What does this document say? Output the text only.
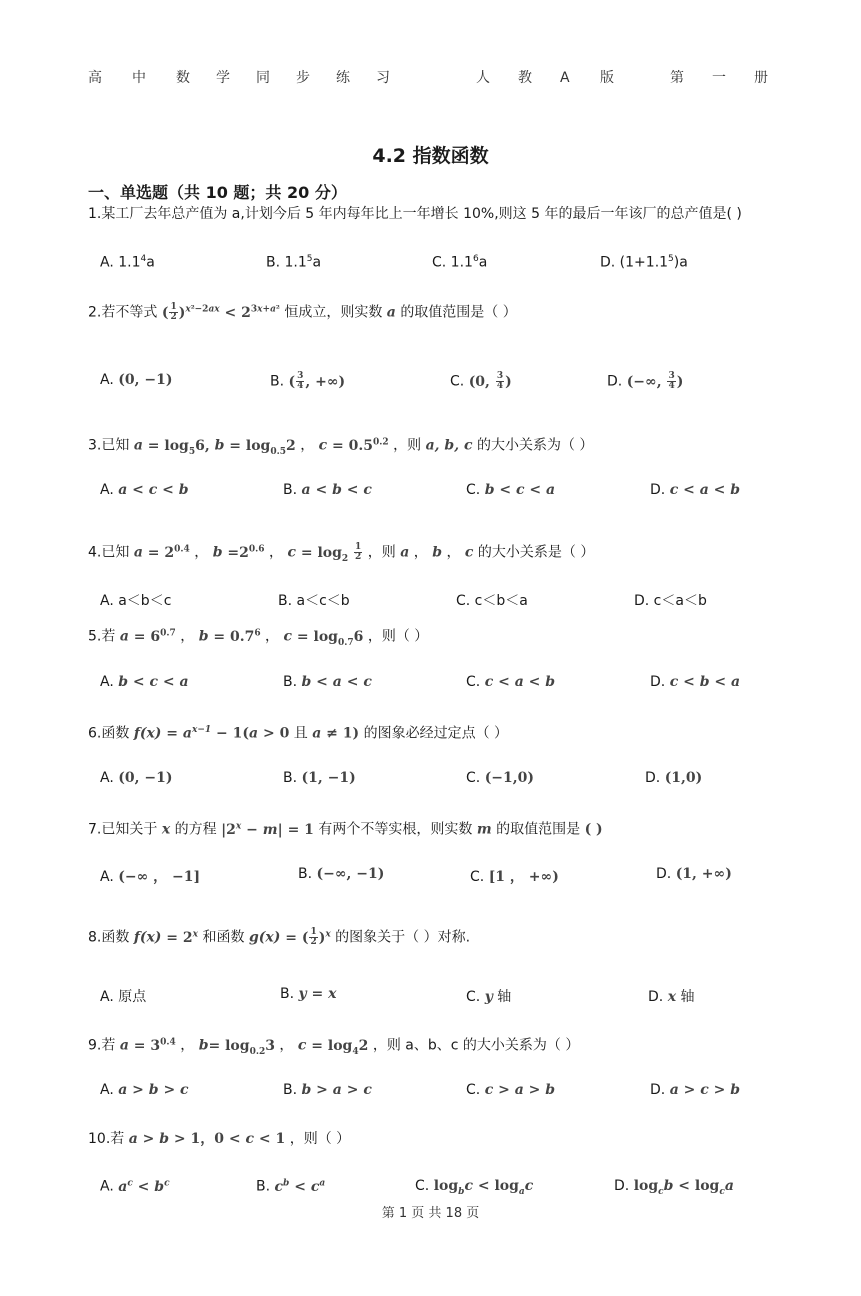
高 中 数 学 同 步 练 习	人 教 A 版	第 一 册
4.2 指数函数
一、单选题（共 10 题；共 20 分）
1.某工厂去年总产值为 a,计划今后 5 年内每年比上一年增长 10%,则这 5 年的最后一年该厂的总产值是( )
A. $1.1^4a$	B. $1.1^5a$	C. $1.1^6a$	D. $(1+1.1^5)a$
2.若不等式 ( $\frac{1}{2} )^{x^2-2ax} < 2^{3x+a^2}$ 恒成立，则实数 a 的取值范围是（ ）
A. (0, −1)	B. ( $\frac{3}{4}$ , +∞)	C. (0, $\frac{3}{4}$ )	D. (−∞, $\frac{3}{4}$ )
3.已知 $a = \log_56$, $b = \log_{0.5}2$ ， $c = 0.5^{0.2}$ ，则 a, b, c 的大小关系为（ ）
A. a < c < b	B. a < b < c	C. b < c < a	D. c < a < b
4.已知 $a = 2^{0.4}$ ， $b =2^{0.6}$ ， $c = \log_2 \frac{1}{2}$ ，则 a ， b ， c 的大小关系是（ ）
A. a＜b＜c	B. a＜c＜b	C. c＜b＜a	D. c＜a＜b
5.若 $a = 6^{0.7}$ ， $b = 0.7^6$ ， $c = \log_{0.7}6$ ，则（ ）
A. b < c < a	B. b < a < c	C. c < a < b	D. c < b < a
6.函数 $f(x) = a^{x-1} - 1(a > 0$ 且 a ≠ 1) 的图象必经过定点（ ）
A. (0, −1)	B. (1, −1)	C. (−1,0)	D. (1,0)
7.已知关于 x 的方程 $|2^x - m| = 1$ 有两个不等实根，则实数 m 的取值范围是 ( )
A. (−∞ ， −1]	B. (−∞, −1)	C. [1 ， +∞)	D. (1, +∞)
8.函数 $f(x) = 2^x$ 和函数 g(x) = ( $\frac{1}{2} )^x$ 的图象关于（ ）对称.
A. 原点	B. y = x	C. y 轴	D. x 轴
9.若 $a = 3^{0.4}$ ， $b= \log_{0.2}3$ ， $c = \log_42$ ，则 a、b、c 的大小关系为（ ）
A. a > b > c	B. b > a > c	C. c > a > b	D. a > c > b
10.若 a > b > 1，0 < c < 1 ，则（ ）
A. $a^c < b^c$	B. $c^b < c^a$	C. $\log_bc < \log_ac$	D. $\log_cb < \log_ca$
第 1 页 共 18 页
